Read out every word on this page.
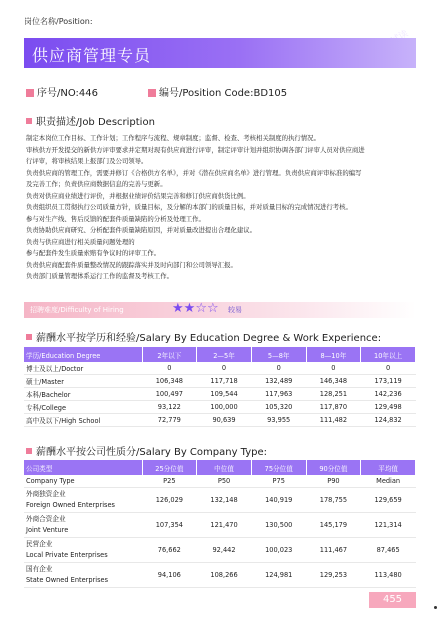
岗位名称/Position:
供应商管理专员
序号/NO:446	编号/Position Code:BD105
职责描述/Job Description
制定本岗位工作目标、工作计划；工作程序与流程、规章制度；监督、检查、考核相关制度的执行情况。
审核供方开发提交的新供方评审要求并定期对现有供应商进行评审，制定评审计划并组织协调各部门评审人员对供应商进
行评审，将审核结果上报部门及公司领导。
负责供应商的管理工作，需要并修订《合格供方名单》，并对《潜在供应商名单》进行管理。负责供应商评审标准的编写
及完善工作；负责供应商数据信息的完善与更新。
负责对供应商业绩进行评价，并根据业绩评价结果完善和修订供应商供货比例。
负责组织员工贯彻执行公司质量方针，质量目标，及分解的本部门的质量目标，并对质量目标的完成情况进行考核。
参与对生产线、售后反馈的配套件质量缺陷的分析及处理工作。
负责协助供应商研究、分析配套件质量缺陷原因，并对质量改进提出合理化建议。
负责与供应商进行相关质量问题处理的
参与配套件发生质量索赔有争议时的评审工作。
负责供应商配套件质量整改情况的跟踪落实并及时向部门和公司领导汇报。
负责部门质量管理体系运行工作的监督及考核工作。
招聘难度/Difficulty of Hiring	★★☆☆ 较易
薪酬水平按学历和经验/Salary By Education Degree & Work Experience:
学历/Education Degree	2年以下	2—5年	5—8年	8—10年	10年以上
博士及以上/Doctor	0	0	0	0	0
硕士/Master	106,348	117,718	132,489	146,348	173,119
本科/Bachelor	100,497	109,544	117,963	128,251	142,236
专科/College	93,122	100,000	105,320	117,870	129,498
高中及以下/High School	72,779	90,639	93,955	111,482	124,832
薪酬水平按公司性质分/Salary By Company Type:
公司类型	25分位值	中位值	75分位值	90分位值	平均值
Company Type	P25	P50	P75	P90	Median

外商独资企业
Foreign Owned Enterprises	126,029	132,148	140,919	178,755	129,659

外商合资企业
Joint Venture	107,354	121,470	130,500	145,179	121,314

民营企业
Local Private Enterprises	76,662	92,442	100,023	111,467	87,465

国有企业
State Owned Enterprises	94,106	108,266	124,981	129,253	113,480
455
